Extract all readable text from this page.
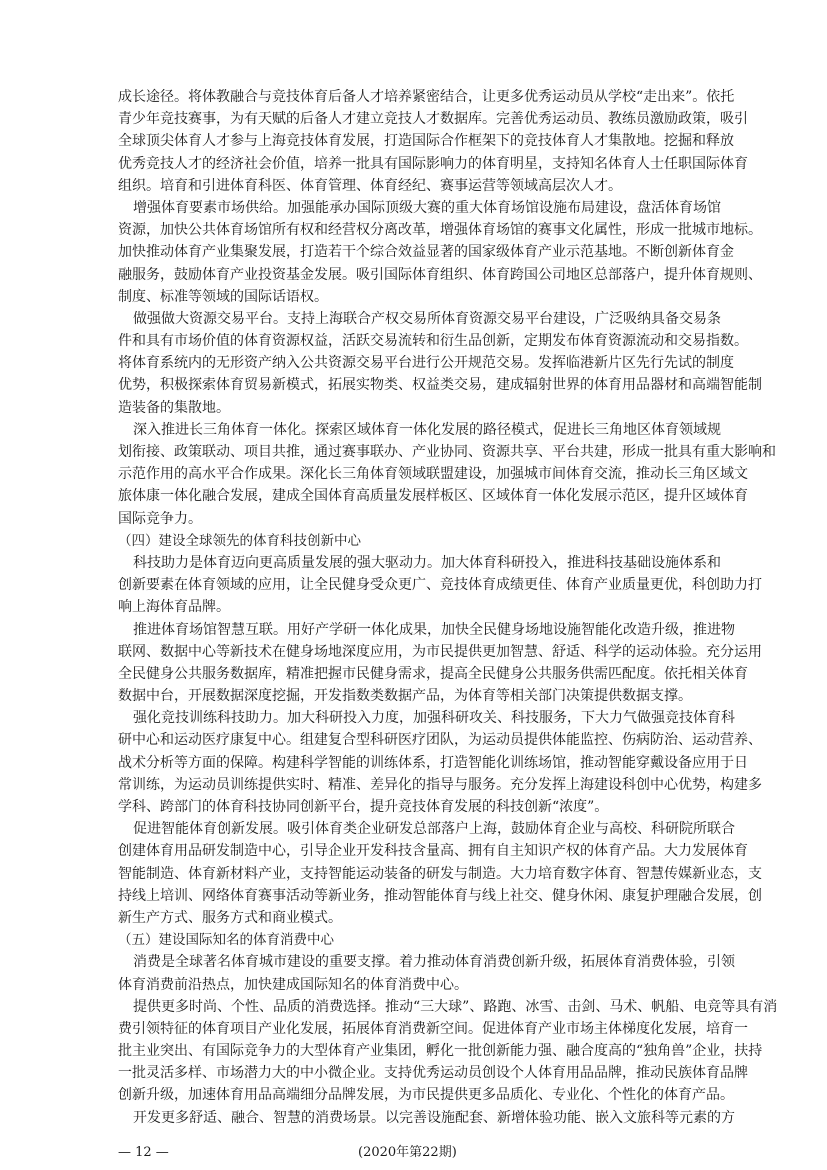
成长途径。将体教融合与竞技体育后备人才培养紧密结合，让更多优秀运动员从学校“走出来”。依托
青少年竞技赛事，为有天赋的后备人才建立竞技人才数据库。完善优秀运动员、教练员激励政策，吸引
全球顶尖体育人才参与上海竞技体育发展，打造国际合作框架下的竞技体育人才集散地。挖掘和释放
优秀竞技人才的经济社会价值，培养一批具有国际影响力的体育明星，支持知名体育人士任职国际体育
组织。培育和引进体育科医、体育管理、体育经纪、赛事运营等领域高层次人才。
增强体育要素市场供给。加强能承办国际顶级大赛的重大体育场馆设施布局建设，盘活体育场馆
资源，加快公共体育场馆所有权和经营权分离改革，增强体育场馆的赛事文化属性，形成一批城市地标。
加快推动体育产业集聚发展，打造若干个综合效益显著的国家级体育产业示范基地。不断创新体育金
融服务，鼓励体育产业投资基金发展。吸引国际体育组织、体育跨国公司地区总部落户，提升体育规则、
制度、标准等领域的国际话语权。
做强做大资源交易平台。支持上海联合产权交易所体育资源交易平台建设，广泛吸纳具备交易条
件和具有市场价值的体育资源权益，活跃交易流转和衍生品创新，定期发布体育资源流动和交易指数。
将体育系统内的无形资产纳入公共资源交易平台进行公开规范交易。发挥临港新片区先行先试的制度
优势，积极探索体育贸易新模式，拓展实物类、权益类交易，建成辐射世界的体育用品器材和高端智能制
造装备的集散地。
深入推进长三角体育一体化。探索区域体育一体化发展的路径模式，促进长三角地区体育领域规
划衔接、政策联动、项目共推，通过赛事联办、产业协同、资源共享、平台共建，形成一批具有重大影响和
示范作用的高水平合作成果。深化长三角体育领域联盟建设，加强城市间体育交流，推动长三角区域文
旅体康一体化融合发展，建成全国体育高质量发展样板区、区域体育一体化发展示范区，提升区域体育
国际竞争力。
（四）建设全球领先的体育科技创新中心
科技助力是体育迈向更高质量发展的强大驱动力。加大体育科研投入，推进科技基础设施体系和
创新要素在体育领域的应用，让全民健身受众更广、竞技体育成绩更佳、体育产业质量更优，科创助力打
响上海体育品牌。
推进体育场馆智慧互联。用好产学研一体化成果，加快全民健身场地设施智能化改造升级，推进物
联网、数据中心等新技术在健身场地深度应用，为市民提供更加智慧、舒适、科学的运动体验。充分运用
全民健身公共服务数据库，精准把握市民健身需求，提高全民健身公共服务供需匹配度。依托相关体育
数据中台，开展数据深度挖掘，开发指数类数据产品，为体育等相关部门决策提供数据支撑。
强化竞技训练科技助力。加大科研投入力度，加强科研攻关、科技服务，下大力气做强竞技体育科
研中心和运动医疗康复中心。组建复合型科研医疗团队，为运动员提供体能监控、伤病防治、运动营养、
战术分析等方面的保障。构建科学智能的训练体系，打造智能化训练场馆，推动智能穿戴设备应用于日
常训练，为运动员训练提供实时、精准、差异化的指导与服务。充分发挥上海建设科创中心优势，构建多
学科、跨部门的体育科技协同创新平台，提升竞技体育发展的科技创新“浓度”。
促进智能体育创新发展。吸引体育类企业研发总部落户上海，鼓励体育企业与高校、科研院所联合
创建体育用品研发制造中心，引导企业开发科技含量高、拥有自主知识产权的体育产品。大力发展体育
智能制造、体育新材料产业，支持智能运动装备的研发与制造。大力培育数字体育、智慧传媒新业态，支
持线上培训、网络体育赛事活动等新业务，推动智能体育与线上社交、健身休闲、康复护理融合发展，创
新生产方式、服务方式和商业模式。
（五）建设国际知名的体育消费中心
消费是全球著名体育城市建设的重要支撑。着力推动体育消费创新升级，拓展体育消费体验，引领
体育消费前沿热点，加快建成国际知名的体育消费中心。
提供更多时尚、个性、品质的消费选择。推动“三大球”、路跑、冰雪、击剑、马术、帆船、电竞等具有消
费引领特征的体育项目产业化发展，拓展体育消费新空间。促进体育产业市场主体梯度化发展，培育一
批主业突出、有国际竞争力的大型体育产业集团，孵化一批创新能力强、融合度高的“独角兽”企业，扶持
一批灵活多样、市场潜力大的中小微企业。支持优秀运动员创设个人体育用品品牌，推动民族体育品牌
创新升级，加速体育用品高端细分品牌发展，为市民提供更多品质化、专业化、个性化的体育产品。
开发更多舒适、融合、智慧的消费场景。以完善设施配套、新增体验功能、嵌入文旅科等元素的方
— 12 —	(2020年第22期)
